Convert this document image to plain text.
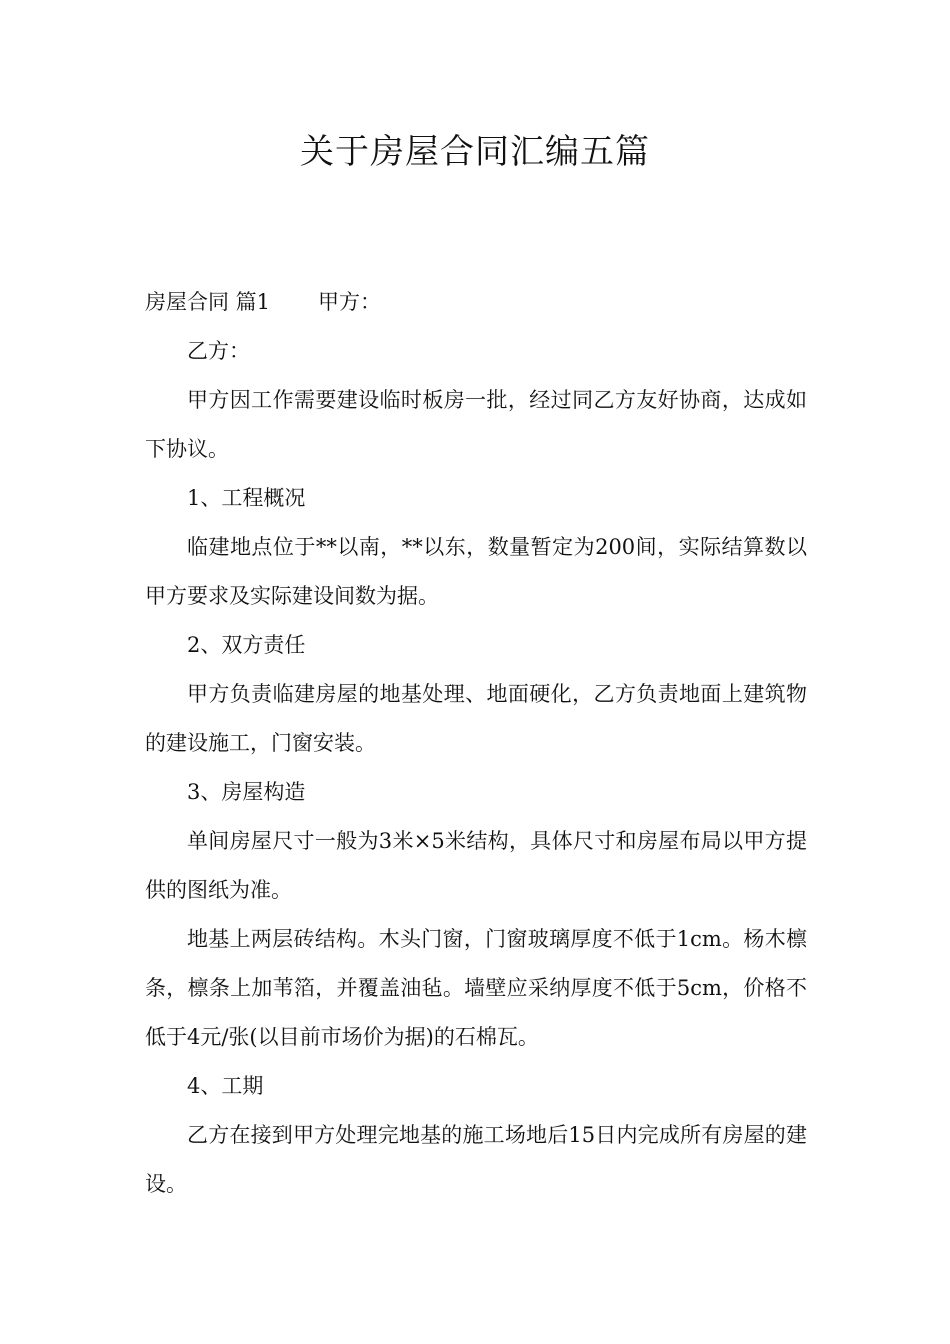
关于房屋合同汇编五篇

房屋合同 篇1 甲方：

乙方：

甲方因工作需要建设临时板房一批，经过同乙方友好协商，达成如下协议。

1、工程概况

临建地点位于**以南，**以东，数量暂定为200间，实际结算数以甲方要求及实际建设间数为据。

2、双方责任

甲方负责临建房屋的地基处理、地面硬化，乙方负责地面上建筑物的建设施工，门窗安装。

3、房屋构造

单间房屋尺寸一般为3米×5米结构，具体尺寸和房屋布局以甲方提供的图纸为准。

地基上两层砖结构。木头门窗，门窗玻璃厚度不低于1cm。杨木檩条，檩条上加苇箔，并覆盖油毡。墙壁应采纳厚度不低于5cm，价格不低于4元/张(以目前市场价为据)的石棉瓦。

4、工期

乙方在接到甲方处理完地基的施工场地后15日内完成所有房屋的建设。
